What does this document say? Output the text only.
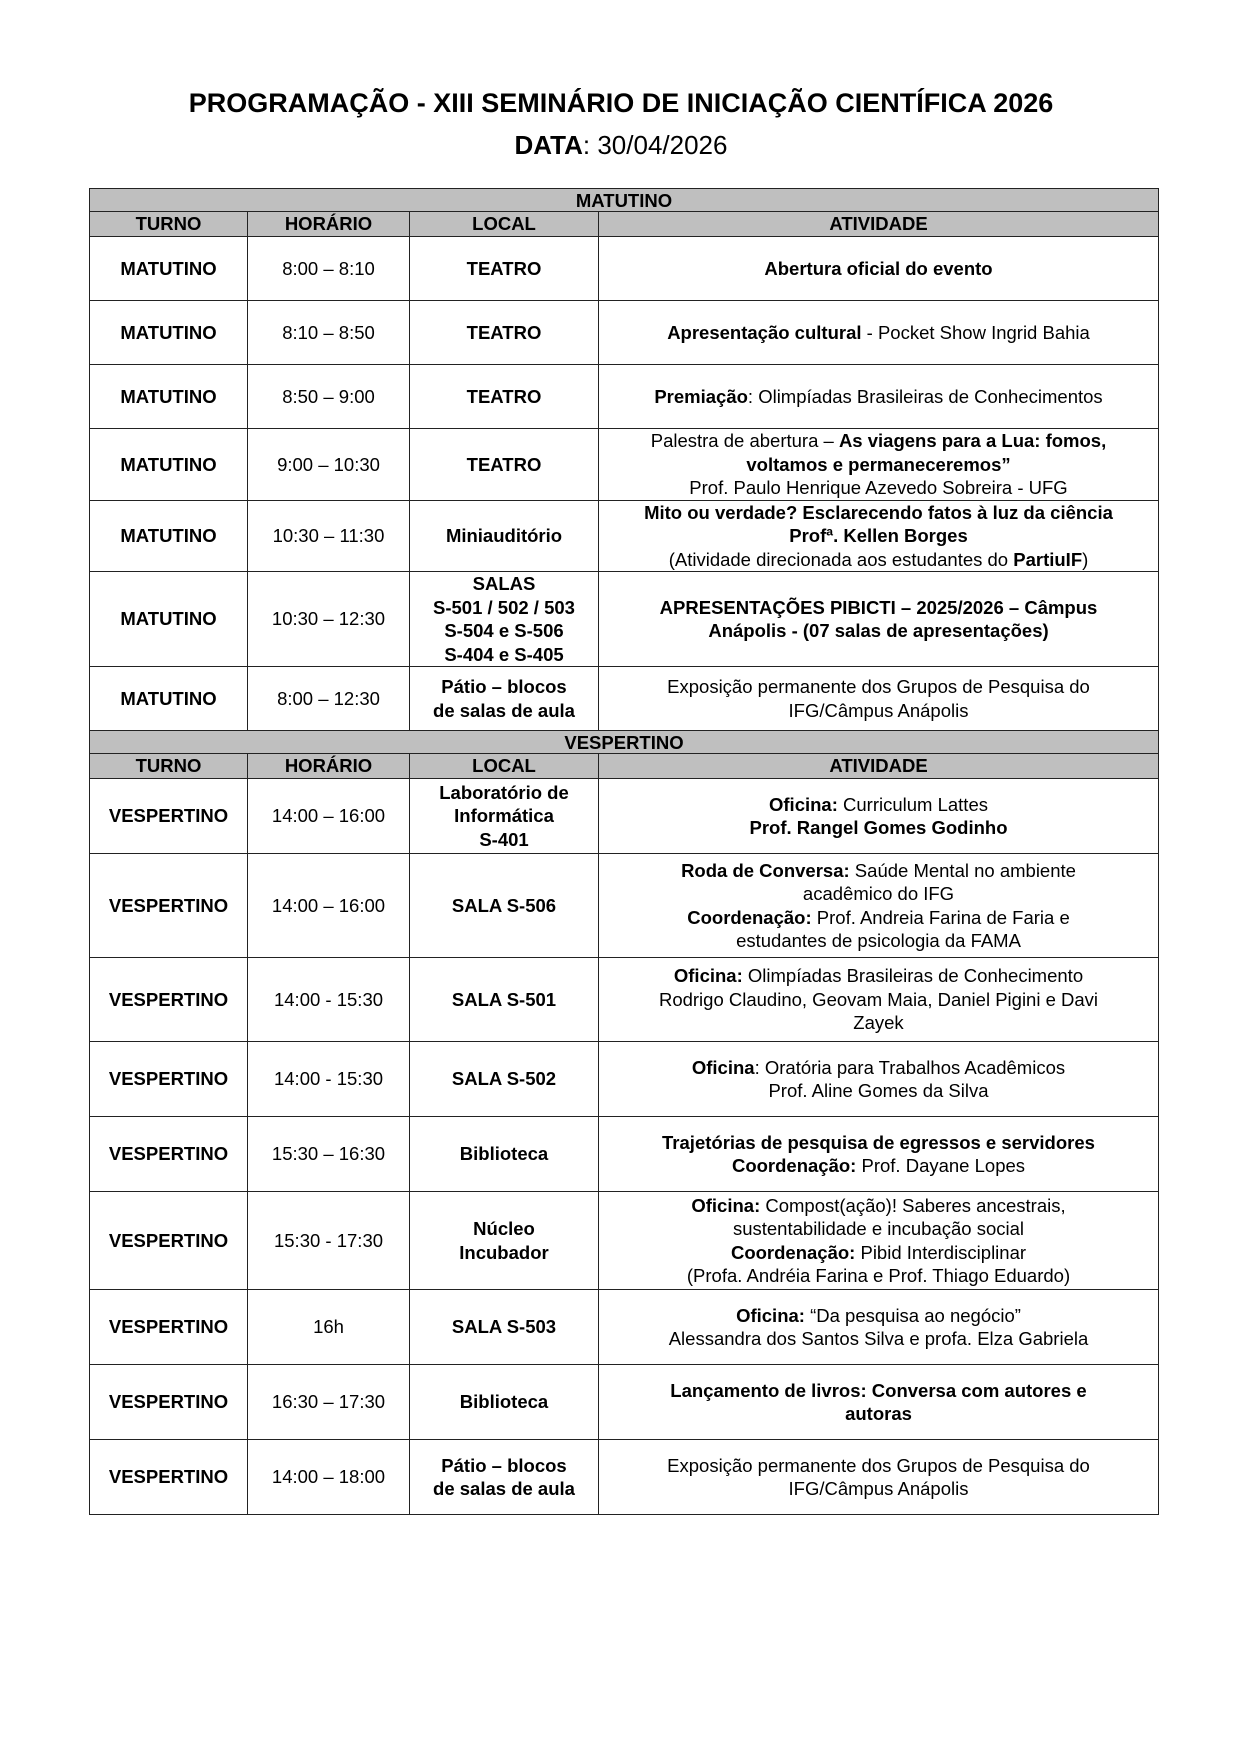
PROGRAMAÇÃO - XIII SEMINÁRIO DE INICIAÇÃO CIENTÍFICA 2026
DATA: 30/04/2026
MATUTINO			
TURNO	HORÁRIO	LOCAL	ATIVIDADE
MATUTINO	8:00 – 8:10	TEATRO	Abertura oficial do evento

MATUTINO	8:10 – 8:50	TEATRO	Apresentação cultural - Pocket Show Ingrid Bahia

MATUTINO	8:50 – 9:00	TEATRO	Premiação: Olimpíadas Brasileiras de Conhecimentos

MATUTINO	9:00 – 10:30	TEATRO	Palestra de abertura – As viagens para a Lua: fomos,
voltamos e permaneceremos”
Prof. Paulo Henrique Azevedo Sobreira - UFG

MATUTINO	10:30 – 11:30	Miniauditório	Mito ou verdade? Esclarecendo fatos à luz da ciência
Profª. Kellen Borges
(Atividade direcionada aos estudantes do PartiuIF)

MATUTINO	10:30 – 12:30	SALAS
S-501 / 502 / 503
S-504 e S-506
S-404 e S-405	APRESENTAÇÕES PIBICTI – 2025/2026 – Câmpus
Anápolis - (07 salas de apresentações)

MATUTINO	8:00 – 12:30	Pátio – blocos
de salas de aula	Exposição permanente dos Grupos de Pesquisa do
IFG/Câmpus Anápolis

VESPERTINO			
TURNO	HORÁRIO	LOCAL	ATIVIDADE
VESPERTINO	14:00 – 16:00	Laboratório de
Informática
S-401	Oficina: Curriculum Lattes
Prof. Rangel Gomes Godinho

VESPERTINO	14:00 – 16:00	SALA S-506	Roda de Conversa: Saúde Mental no ambiente
acadêmico do IFG
Coordenação: Prof. Andreia Farina de Faria e
estudantes de psicologia da FAMA

VESPERTINO	14:00 - 15:30	SALA S-501	Oficina: Olimpíadas Brasileiras de Conhecimento
Rodrigo Claudino, Geovam Maia, Daniel Pigini e Davi
Zayek

VESPERTINO	14:00 - 15:30	SALA S-502	Oficina: Oratória para Trabalhos Acadêmicos
Prof. Aline Gomes da Silva

VESPERTINO	15:30 – 16:30	Biblioteca	Trajetórias de pesquisa de egressos e servidores
Coordenação: Prof. Dayane Lopes

VESPERTINO	15:30 - 17:30	Núcleo
Incubador	Oficina: Compost(ação)! Saberes ancestrais,
sustentabilidade e incubação social
Coordenação: Pibid Interdisciplinar
(Profa. Andréia Farina e Prof. Thiago Eduardo)

VESPERTINO	16h	SALA S-503	Oficina: “Da pesquisa ao negócio”
Alessandra dos Santos Silva e profa. Elza Gabriela

VESPERTINO	16:30 – 17:30	Biblioteca	Lançamento de livros: Conversa com autores e
autoras

VESPERTINO	14:00 – 18:00	Pátio – blocos
de salas de aula	Exposição permanente dos Grupos de Pesquisa do
IFG/Câmpus Anápolis
